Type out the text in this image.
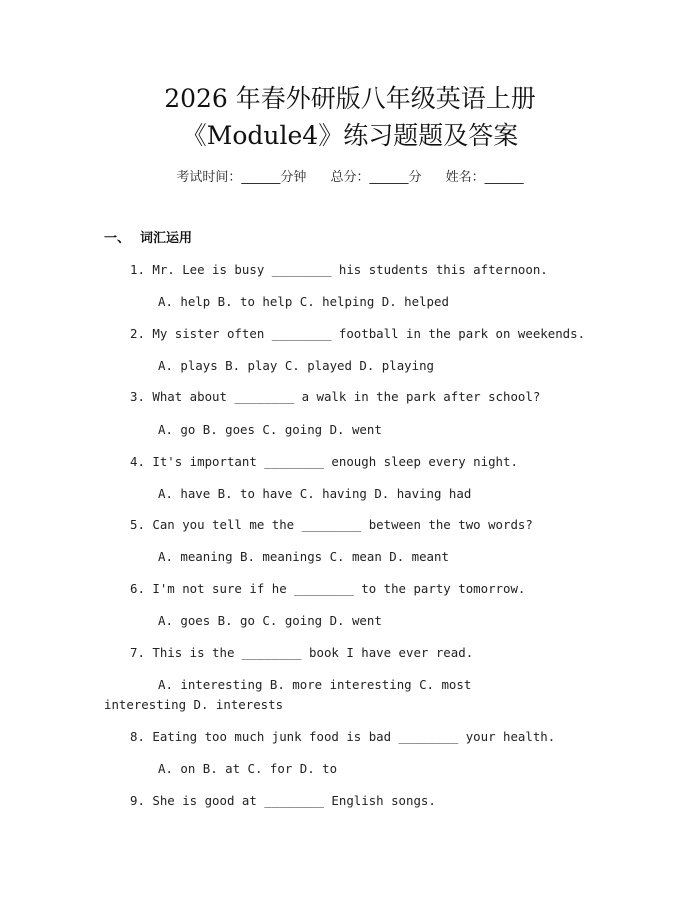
2026 年春外研版八年级英语上册
《Module4》练习题题及答案
考试时间：______分钟 总分：______分 姓名：______
一、 词汇运用
1. Mr. Lee is busy ________ his students this afternoon.
A. help B. to help C. helping D. helped
2. My sister often ________ football in the park on weekends.
A. plays B. play C. played D. playing
3. What about ________ a walk in the park after school?
A. go B. goes C. going D. went
4. It's important ________ enough sleep every night.
A. have B. to have C. having D. having had
5. Can you tell me the ________ between the two words?
A. meaning B. meanings C. mean D. meant
6. I'm not sure if he ________ to the party tomorrow.
A. goes B. go C. going D. went
7. This is the ________ book I have ever read.
A. interesting B. more interesting C. most interesting D. interests
8. Eating too much junk food is bad ________ your health.
A. on B. at C. for D. to
9. She is good at ________ English songs.
